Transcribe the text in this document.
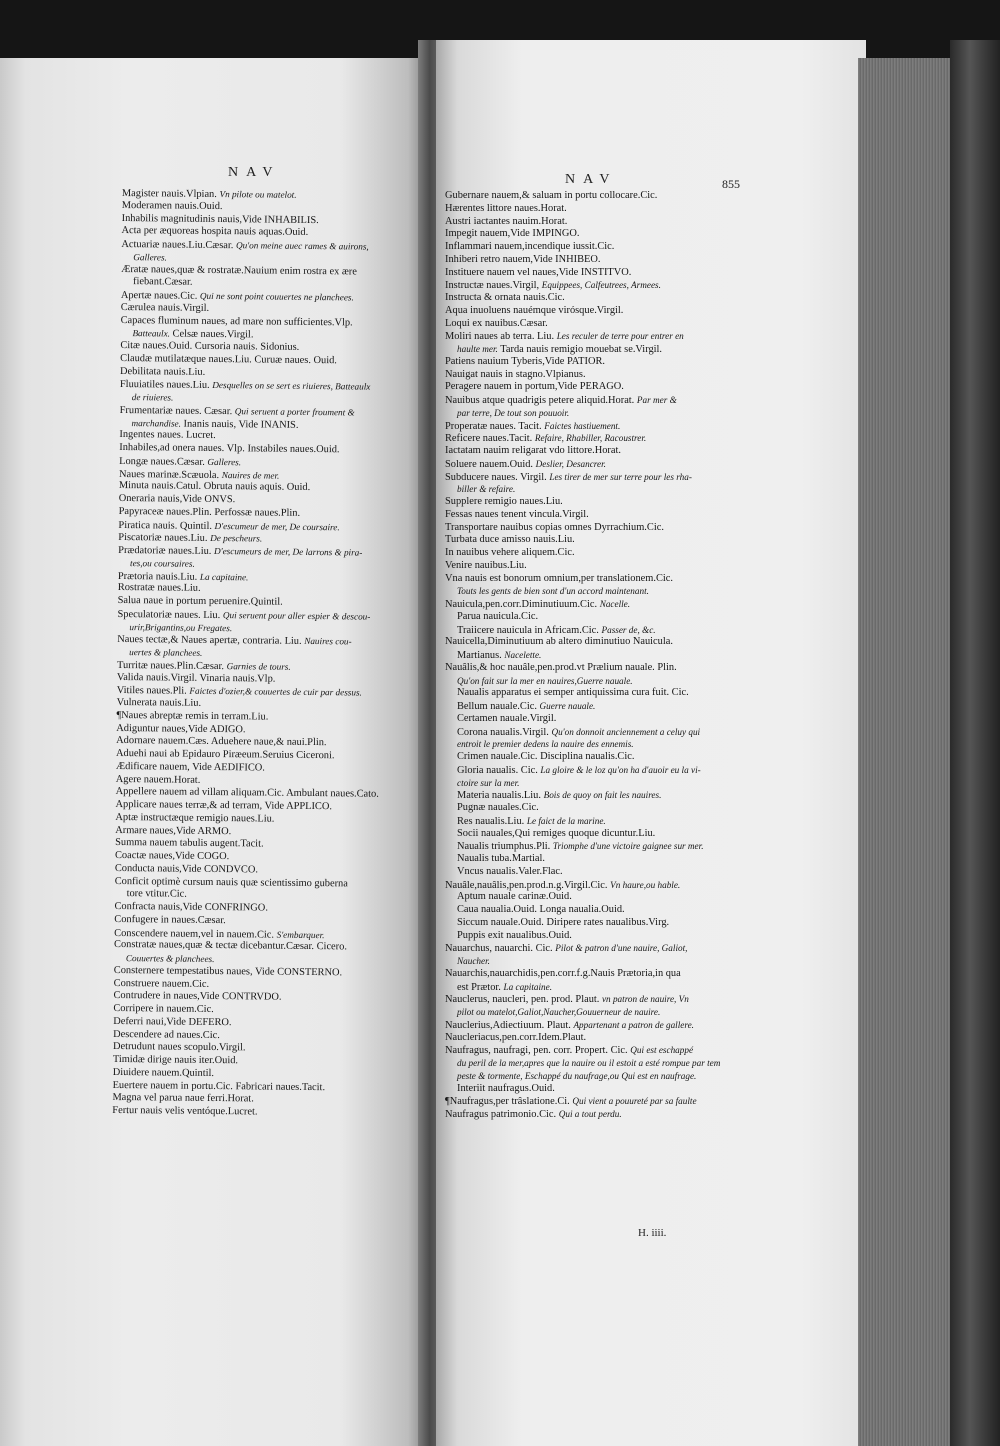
NAV	NAV	855
Magister nauis.Vlpian. Vn pilote ou matelot.
Moderamen nauis.Ouid.
Inhabilis magnitudinis nauis,Vide INHABILIS.
Acta per æquoreas hospita nauis aquas.Ouid.
Actuariæ naues.Liu.Cæsar. Qu'on meine auec rames & auirons,
Galleres.
Æratæ naues,quæ & rostratæ.Nauium enim rostra ex ære
fiebant.Cæsar.
Apertæ naues.Cic. Qui ne sont point couuertes ne planchees.
Cærulea nauis.Virgil.
Capaces fluminum naues, ad mare non sufficientes.Vlp.
Batteaulx. Celsæ naues.Virgil.
Citæ naues.Ouid. Cursoria nauis. Sidonius.
Claudæ mutilatæque naues.Liu. Curuæ naues. Ouid.
Debilitata nauis.Liu.
Fluuiatiles naues.Liu. Desquelles on se sert es riuieres, Batteaulx
de riuieres.
Frumentariæ naues. Cæsar. Qui seruent a porter froument &
marchandise. Inanis nauis, Vide INANIS.
Ingentes naues. Lucret.
Inhabiles,ad onera naues. Vlp. Instabiles naues.Ouid.
Longæ naues.Cæsar. Galleres.
Naues marinæ.Scæuola. Nauires de mer.
Minuta nauis.Catul. Obruta nauis aquis. Ouid.
Oneraria nauis,Vide ONVS.
Papyraceæ naues.Plin. Perfossæ naues.Plin.
Piratica nauis. Quintil. D'escumeur de mer, De coursaire.
Piscatoriæ naues.Liu. De pescheurs.
Prædatoriæ naues.Liu. D'escumeurs de mer, De larrons & pira-
tes,ou coursaires.
Prætoria nauis.Liu. La capitaine.
Rostratæ naues.Liu.
Salua naue in portum peruenire.Quintil.
Speculatoriæ naues. Liu. Qui seruent pour aller espier & descou-
urir,Brigantins,ou Fregates.
Naues tectæ,& Naues apertæ, contraria. Liu. Nauires cou-
uertes & planchees.
Turritæ naues.Plin.Cæsar. Garnies de tours.
Valida nauis.Virgil. Vinaria nauis.Vlp.
Vitiles naues.Pli. Faictes d'ozier,& couuertes de cuir par dessus.
Vulnerata nauis.Liu.
¶Naues abreptæ remis in terram.Liu.
Adiguntur naues,Vide ADIGO.
Adornare nauem.Cæs. Aduehere naue,& naui.Plin.
Aduehi naui ab Epidauro Piræeum.Seruius Ciceroni.
Ædificare nauem, Vide AEDIFICO.
Agere nauem.Horat.
Appellere nauem ad villam aliquam.Cic. Ambulant naues.Cato.
Applicare naues terræ,& ad terram, Vide APPLICO.
Aptæ instructæque remigio naues.Liu.
Armare naues,Vide ARMO.
Summa nauem tabulis augent.Tacit.
Coactæ naues,Vide COGO.
Conducta nauis,Vide CONDVCO.
Conficit optimè cursum nauis quæ scientissimo guberna
tore vtitur.Cic.
Confracta nauis,Vide CONFRINGO.
Confugere in naues.Cæsar.
Conscendere nauem,vel in nauem.Cic. S'embarquer.
Constratæ naues,quæ & tectæ dicebantur.Cæsar. Cicero.
Couuertes & planchees.
Consternere tempestatibus naues, Vide CONSTERNO.
Construere nauem.Cic.
Contrudere in naues,Vide CONTRVDO.
Corripere in nauem.Cic.
Deferri naui,Vide DEFERO.
Descendere ad naues.Cic.
Detrudunt naues scopulo.Virgil.
Timidæ dirige nauis iter.Ouid.
Diuidere nauem.Quintil.
Euertere nauem in portu.Cic. Fabricari naues.Tacit.
Magna vel parua naue ferri.Horat.
Fertur nauis velis ventóque.Lucret.
Gubernare nauem,& saluam in portu collocare.Cic.
Hærentes littore naues.Horat.
Austri iactantes nauim.Horat.
Impegit nauem,Vide IMPINGO.
Inflammari nauem,incendique iussit.Cic.
Inhiberi retro nauem,Vide INHIBEO.
Instituere nauem vel naues,Vide INSTITVO.
Instructæ naues.Virgil, Equippees, Calfeutrees, Armees.
Instructa & ornata nauis.Cic.
Aqua inuoluens nauémque virósque.Virgil.
Loqui ex nauibus.Cæsar.
Moliri naues ab terra. Liu. Les reculer de terre pour entrer en
haulte mer. Tarda nauis remigio mouebat se.Virgil.
Patiens nauium Tyberis,Vide PATIOR.
Nauigat nauis in stagno.Vlpianus.
Peragere nauem in portum,Vide PERAGO.
Nauibus atque quadrigis petere aliquid.Horat. Par mer &
par terre, De tout son pouuoir.
Properatæ naues. Tacit. Faictes hastiuement.
Reficere naues.Tacit. Refaire, Rhabiller, Racoustrer.
Iactatam nauim religarat vdo littore.Horat.
Soluere nauem.Ouid. Deslier, Desancrer.
Subducere naues. Virgil. Les tirer de mer sur terre pour les rha-
biller & refaire.
Supplere remigio naues.Liu.
Fessas naues tenent vincula.Virgil.
Transportare nauibus copias omnes Dyrrachium.Cic.
Turbata duce amisso nauis.Liu.
In nauibus vehere aliquem.Cic.
Venire nauibus.Liu.
Vna nauis est bonorum omnium,per translationem.Cic.
Touts les gents de bien sont d'un accord maintenant.
Nauicula,pen.corr.Diminutiuum.Cic. Nacelle.
Parua nauicula.Cic.
Traiicere nauicula in Africam.Cic. Passer de, &c.
Nauicella,Diminutiuum ab altero diminutiuo Nauicula.
Martianus. Nacelette.
Nauâlis,& hoc nauâle,pen.prod.vt Prælium nauale. Plin.
Qu'on fait sur la mer en nauires,Guerre nauale.
Naualis apparatus ei semper antiquissima cura fuit. Cic.
Bellum nauale.Cic. Guerre nauale.
Certamen nauale.Virgil.
Corona naualis.Virgil. Qu'on donnoit anciennement a celuy qui
entroit le premier dedens la nauire des ennemis.
Crimen nauale.Cic. Disciplina naualis.Cic.
Gloria naualis. Cic. La gloire & le loz qu'on ha d'auoir eu la vi-
ctoire sur la mer.
Materia naualis.Liu. Bois de quoy on fait les nauires.
Pugnæ nauales.Cic.
Res naualis.Liu. Le faict de la marine.
Socii nauales,Qui remiges quoque dicuntur.Liu.
Naualis triumphus.Pli. Triomphe d'une victoire gaignee sur mer.
Naualis tuba.Martial.
Vncus naualis.Valer.Flac.
Nauâle,nauâlis,pen.prod.n.g.Virgil.Cic. Vn haure,ou hable.
Aptum nauale carinæ.Ouid.
Caua naualia.Ouid. Longa naualia.Ouid.
Siccum nauale.Ouid. Diripere rates naualibus.Virg.
Puppis exit naualibus.Ouid.
Nauarchus, nauarchi. Cic. Pilot & patron d'une nauire, Galiot,
Naucher.
Nauarchis,nauarchidis,pen.corr.f.g.Nauis Prætoria,in qua
est Prætor. La capitaine.
Nauclerus, naucleri, pen. prod. Plaut. vn patron de nauire, Vn
pilot ou matelot,Galiot,Naucher,Gouuerneur de nauire.
Nauclerius,Adiectiuum. Plaut. Appartenant a patron de gallere.
Naucleriacus,pen.corr.Idem.Plaut.
Naufragus, naufragi, pen. corr. Propert. Cic. Qui est eschappé
du peril de la mer,apres que la nauire ou il estoit a esté rompue par tem
peste & tormente, Eschappé du naufrage,ou Qui est en naufrage.
Interiit naufragus.Ouid.
¶Naufragus,per trâslatione.Ci. Qui vient a pouureté par sa faulte
Naufragus patrimonio.Cic. Qui a tout perdu.
H. iiii.
